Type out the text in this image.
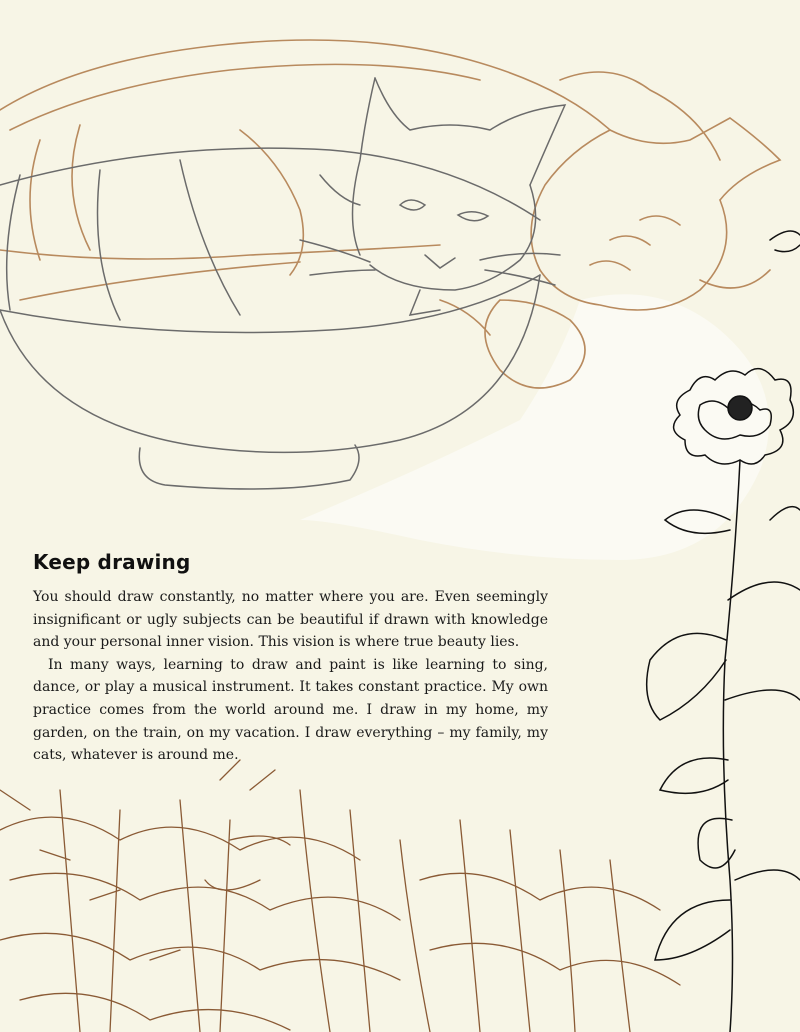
Keep drawing

You should draw constantly, no matter where you are. Even seemingly insignificant or ugly subjects can be beautiful if drawn with knowledge and your personal inner vision. This vision is where true beauty lies.

In many ways, learning to draw and paint is like learning to sing, dance, or play a musical instrument. It takes constant practice. My own practice comes from the world around me. I draw in my home, my garden, on the train, on my vacation. I draw everything – my family, my cats, whatever is around me.
